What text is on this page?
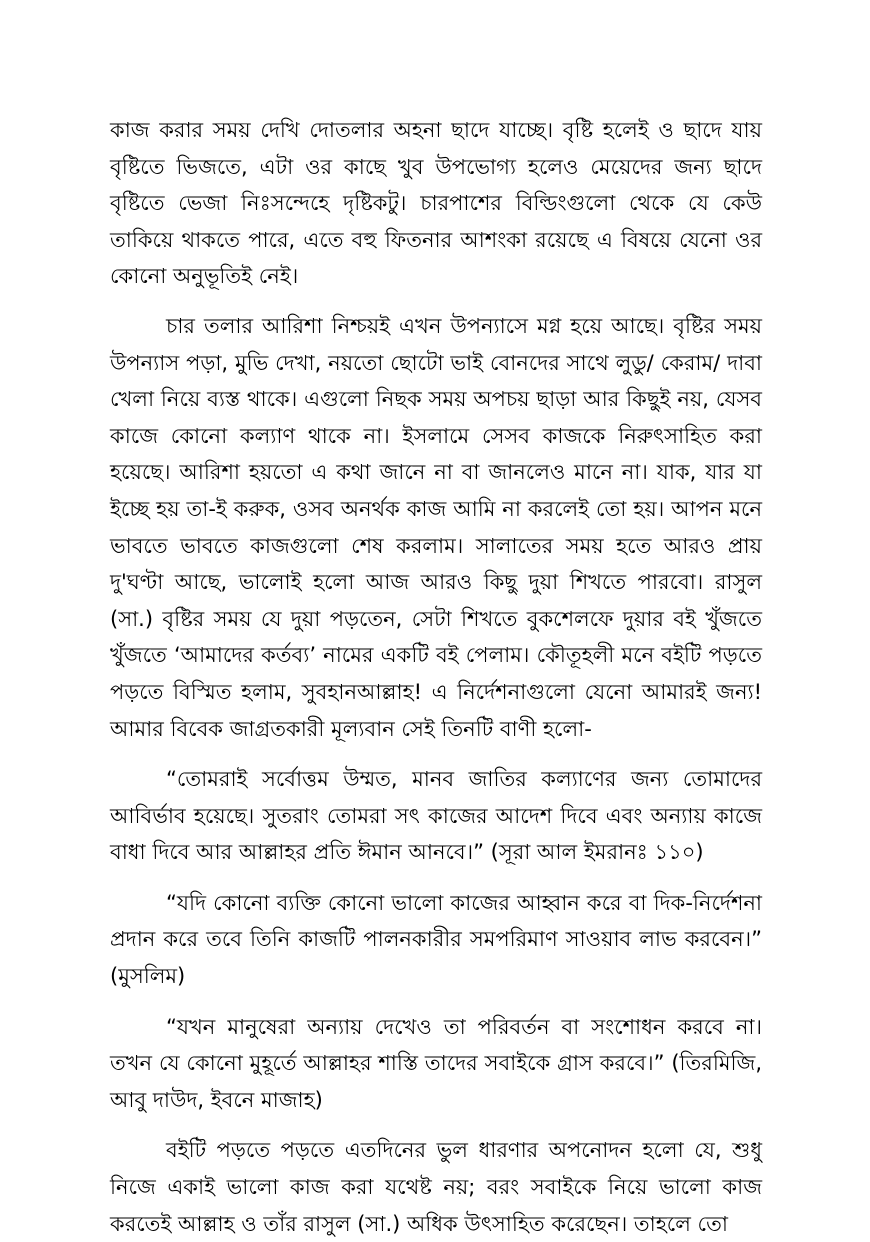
কাজ করার সময় দেখি দোতলার অহনা ছাদে যাচ্ছে। বৃষ্টি হলেই ও ছাদে যায় বৃষ্টিতে ভিজতে, এটা ওর কাছে খুব উপভোগ্য হলেও মেয়েদের জন্য ছাদে বৃষ্টিতে ভেজা নিঃসন্দেহে দৃষ্টিকটু। চারপাশের বিল্ডিংগুলো থেকে যে কেউ তাকিয়ে থাকতে পারে, এতে বহু ফিতনার আশংকা রয়েছে এ বিষয়ে যেনো ওর কোনো অনুভূতিই নেই।

চার তলার আরিশা নিশ্চয়ই এখন উপন্যাসে মগ্ন হয়ে আছে। বৃষ্টির সময় উপন্যাস পড়া, মুভি দেখা, নয়তো ছোটো ভাই বোনদের সাথে লুডু/ কেরাম/ দাবা খেলা নিয়ে ব্যস্ত থাকে। এগুলো নিছক সময় অপচয় ছাড়া আর কিছুই নয়, যেসব কাজে কোনো কল্যাণ থাকে না। ইসলামে সেসব কাজকে নিরুৎসাহিত করা হয়েছে। আরিশা হয়তো এ কথা জানে না বা জানলেও মানে না। যাক, যার যা ইচ্ছে হয় তা-ই করুক, ওসব অনর্থক কাজ আমি না করলেই তো হয়। আপন মনে ভাবতে ভাবতে কাজগুলো শেষ করলাম। সালাতের সময় হতে আরও প্রায় দু'ঘণ্টা আছে, ভালোই হলো আজ আরও কিছু দুয়া শিখতে পারবো। রাসুল (সা.) বৃষ্টির সময় যে দুয়া পড়তেন, সেটা শিখতে বুকশেলফে দুয়ার বই খুঁজতে খুঁজতে ‘আমাদের কর্তব্য’ নামের একটি বই পেলাম। কৌতূহলী মনে বইটি পড়তে পড়তে বিস্মিত হলাম, সুবহানআল্লাহ! এ নির্দেশনাগুলো যেনো আমারই জন্য! আমার বিবেক জাগ্রতকারী মূল্যবান সেই তিনটি বাণী হলো-

“তোমরাই সর্বোত্তম উম্মত, মানব জাতির কল্যাণের জন্য তোমাদের আবির্ভাব হয়েছে। সুতরাং তোমরা সৎ কাজের আদেশ দিবে এবং অন্যায় কাজে বাধা দিবে আর আল্লাহর প্রতি ঈমান আনবে।” (সূরা আল ইমরানঃ ১১০)

“যদি কোনো ব্যক্তি কোনো ভালো কাজের আহ্বান করে বা দিক-নির্দেশনা প্রদান করে তবে তিনি কাজটি পালনকারীর সমপরিমাণ সাওয়াব লাভ করবেন।” (মুসলিম)

“যখন মানুষেরা অন্যায় দেখেও তা পরিবর্তন বা সংশোধন করবে না। তখন যে কোনো মুহূর্তে আল্লাহর শাস্তি তাদের সবাইকে গ্রাস করবে।” (তিরমিজি, আবু দাউদ, ইবনে মাজাহ)

বইটি পড়তে পড়তে এতদিনের ভুল ধারণার অপনোদন হলো যে, শুধু নিজে একাই ভালো কাজ করা যথেষ্ট নয়; বরং সবাইকে নিয়ে ভালো কাজ করতেই আল্লাহ ও তাঁর রাসুল (সা.) অধিক উৎসাহিত করেছেন। তাহলে তো
